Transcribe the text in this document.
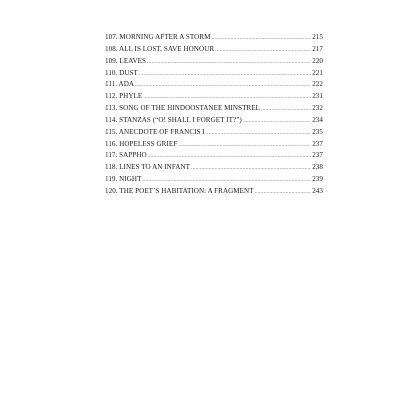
107. MORNING AFTER A STORM .....	215
108. ALL IS LOST, SAVE HONOUR .....	217
109. LEAVES .....	220
110. DUST .....	221
111. ADA .....	222
112. PHYLE .....	231
113. SONG OF THE HINDOOSTANEE MINSTREL .....	232
114. STANZAS (“O! SHALL I FORGET IT?”) .....	234
115. ANECDOTE OF FRANCIS I .....	235
116. HOPELESS GRIEF .....	237
117. SAPPHO .....	237
118. LINES TO AN INFANT .....	238
119. NIGHT .....	239
120. THE POET’S HABITATION: A FRAGMENT .....	243
